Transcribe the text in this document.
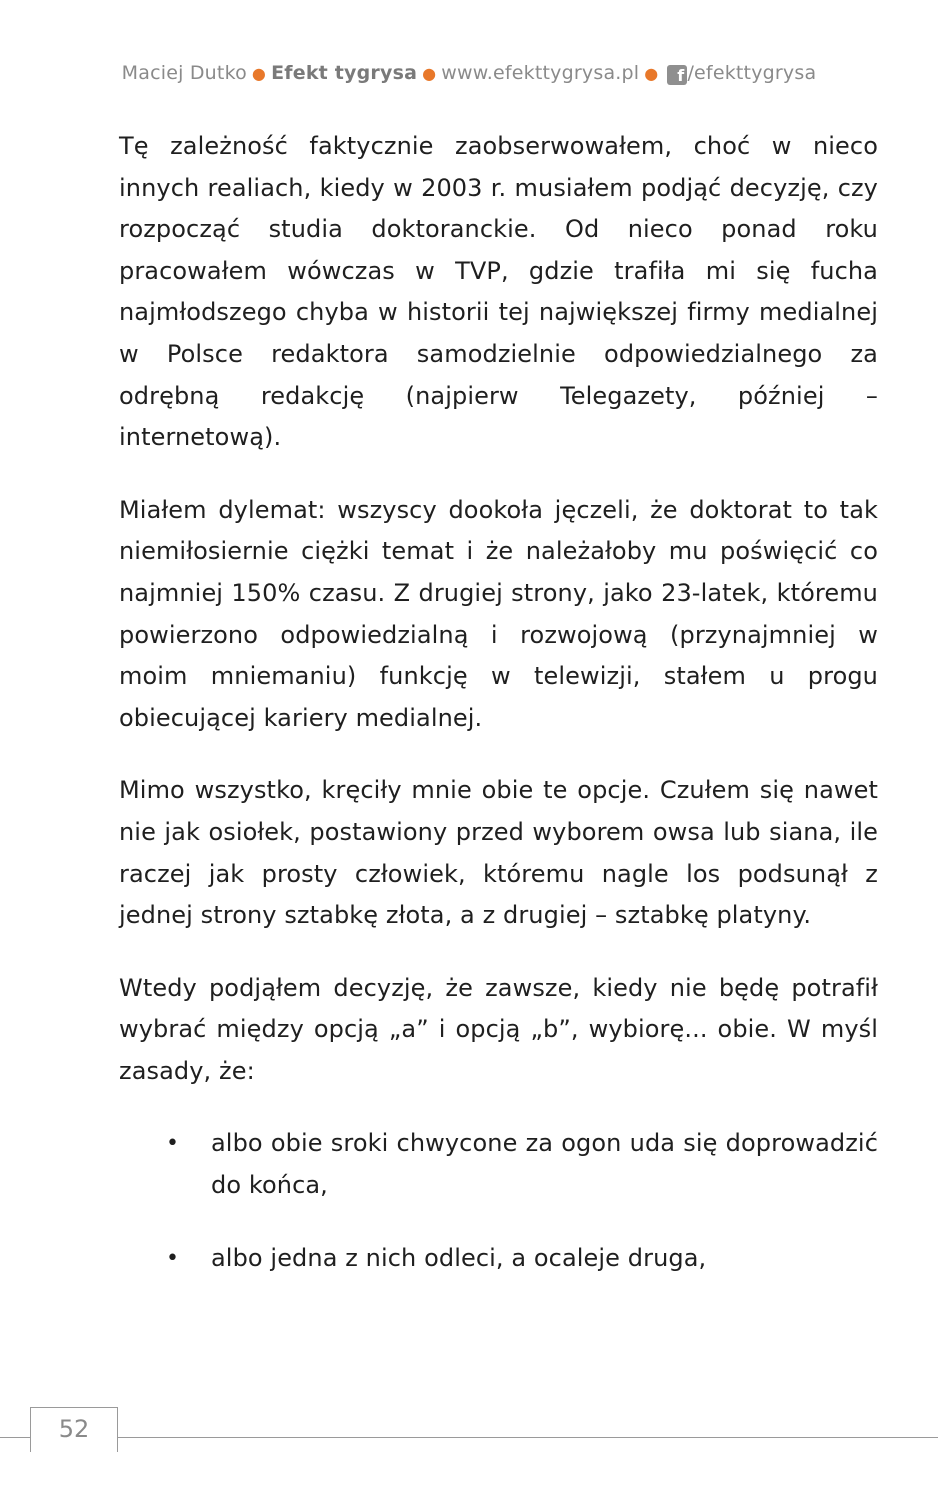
Maciej Dutko ● Efekt tygrysa ● www.efekttygrysa.pl ● f /efekttygrysa

Tę zależność faktycznie zaobserwowałem, choć w nieco innych realiach, kiedy w 2003 r. musiałem podjąć decyzję, czy rozpocząć studia doktoranckie. Od nieco ponad roku pracowałem wówczas w TVP, gdzie trafiła mi się fucha najmłodszego chyba w historii tej największej firmy medialnej w Polsce redaktora samodzielnie odpowiedzialnego za odrębną redakcję (najpierw Telegazety, później – internetową).

Miałem dylemat: wszyscy dookoła jęczeli, że doktorat to tak niemiłosiernie ciężki temat i że należałoby mu poświęcić co najmniej 150% czasu. Z drugiej strony, jako 23-latek, któremu powierzono odpowiedzialną i rozwojową (przynajmniej w moim mniemaniu) funkcję w telewizji, stałem u progu obiecującej kariery medialnej.

Mimo wszystko, kręciły mnie obie te opcje. Czułem się nawet nie jak osiołek, postawiony przed wyborem owsa lub siana, ile raczej jak prosty człowiek, któremu nagle los podsunął z jednej strony sztabkę złota, a z drugiej – sztabkę platyny.

Wtedy podjąłem decyzję, że zawsze, kiedy nie będę potrafił wybrać między opcją „a” i opcją „b”, wybiorę... obie. W myśl zasady, że:

• albo obie sroki chwycone za ogon uda się doprowadzić do końca,
• albo jedna z nich odleci, a ocaleje druga,
52
